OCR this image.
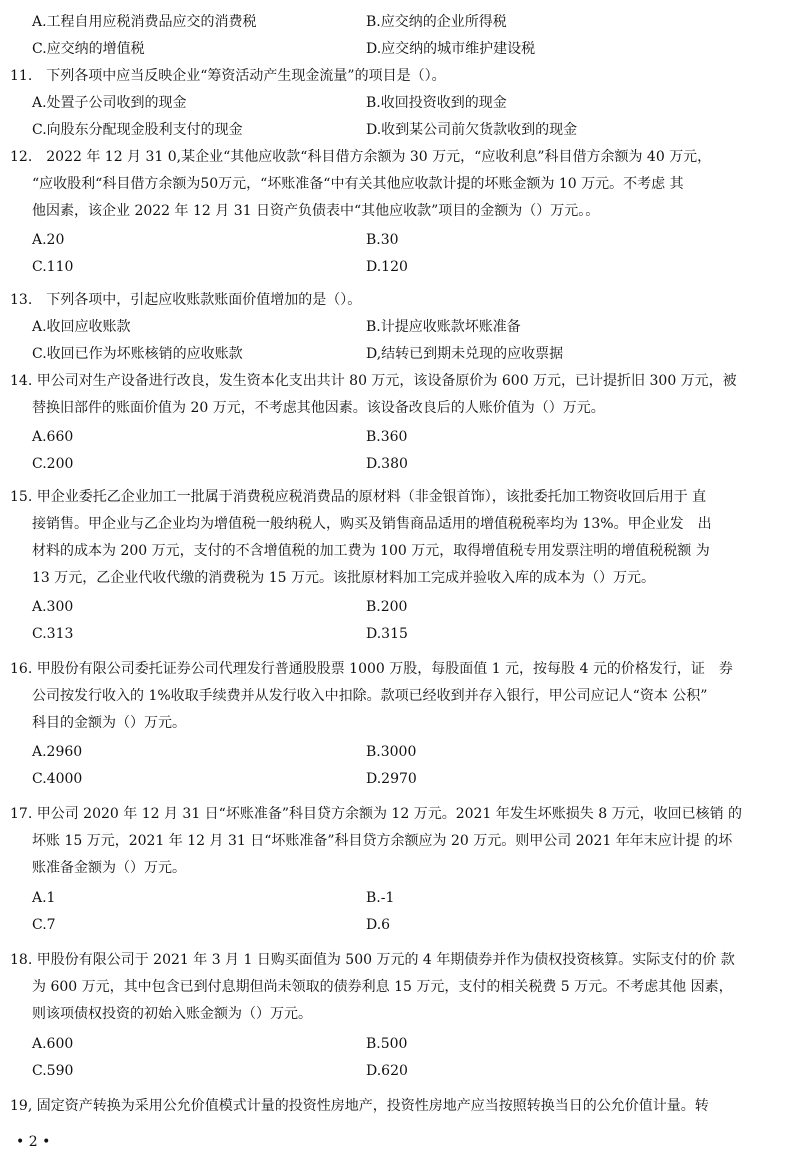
A.工程自用应税消费品应交的消费税	B.应交纳的企业所得税
C.应交纳的增值税	D.应交纳的城市维护建设税
11.　下列各项中应当反映企业“筹资活动产生现金流量”的项目是（）。
A.处置子公司收到的现金	B.收回投资收到的现金
C.向股东分配现金股利支付的现金	D.收到某公司前欠货款收到的现金
12.　2022 年 12 月 31 0,某企业“其他应收款“科目借方余额为 30 万元，“应收利息”科目借方余额为 40 万元，
“应收股利“科目借方余额为50万元，“坏账准备“中有关其他应收款计提的坏账金额为 10 万元。不考虑 其
他因素，该企业 2022 年 12 月 31 日资产负债表中“其他应收款”项目的金额为（）万元。。
A.20	B.30
C.110	D.120
13.　下列各项中，引起应收账款账面价值增加的是（）。
A.收回应收账款	B.计提应收账款坏账准备
C.收回已作为坏账核销的应收账款	D,结转已到期未兑现的应收票据
14. 甲公司对生产设备进行改良，发生资本化支出共计 80 万元，该设备原价为 600 万元，已计提折旧 300 万元，被
替换旧部件的账面价值为 20 万元，不考虑其他因素。该设备改良后的人账价值为（）万元。
A.660	B.360
C.200	D.380
15. 甲企业委托乙企业加工一批属于消费税应税消费品的原材料（非金银首饰），该批委托加工物资收回后用于 直
接销售。甲企业与乙企业均为增值税一般纳税人，购买及销售商品适用的增值税税率均为 13%。甲企业发　出
材料的成本为 200 万元，支付的不含增值税的加工费为 100 万元，取得增值税专用发票注明的增值税税额 为
13 万元，乙企业代收代缴的消费税为 15 万元。该批原材料加工完成并验收入库的成本为（）万元。
A.300	B.200
C.313	D.315
16. 甲股份有限公司委托证券公司代理发行普通股股票 1000 万股，每股面值 1 元，按每股 4 元的价格发行，证　券
公司按发行收入的 1%收取手续费并从发行收入中扣除。款项已经收到并存入银行，甲公司应记人“资本 公积”
科目的金额为（）万元。
A.2960	B.3000
C.4000	D.2970
17. 甲公司 2020 年 12 月 31 日“坏账准备”科目贷方余额为 12 万元。2021 年发生坏账损失 8 万元，收回已核销 的
坏账 15 万元，2021 年 12 月 31 日“坏账准备”科目贷方余额应为 20 万元。则甲公司 2021 年年末应计提 的坏
账准备金额为（）万元。
A.1	B.-1
C.7	D.6
18. 甲股份有限公司于 2021 年 3 月 1 日购买面值为 500 万元的 4 年期债券并作为债权投资核算。实际支付的价 款
为 600 万元，其中包含已到付息期但尚未领取的债券利息 15 万元，支付的相关税费 5 万元。不考虑其他 因素，
则该项债权投资的初始入账金额为（）万元。
A.600	B.500
C.590	D.620
19, 固定资产转换为采用公允价值模式计量的投资性房地产，投资性房地产应当按照转换当日的公允价值计量。转
• 2 •
